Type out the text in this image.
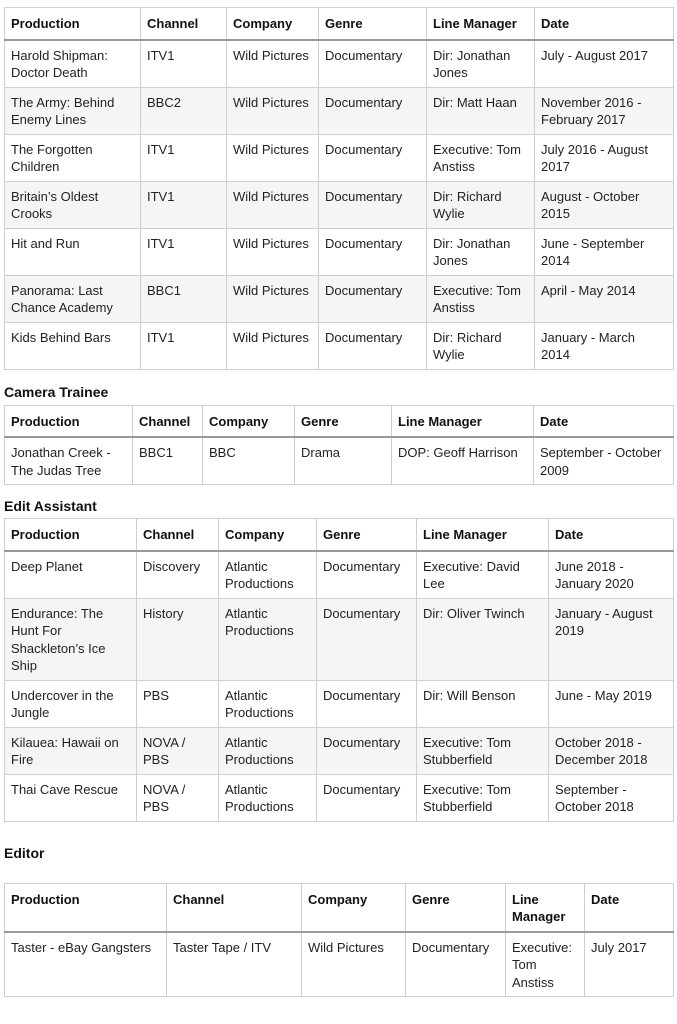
Production	Channel	Company	Genre	Line Manager	Date
Harold Shipman: Doctor Death	ITV1	Wild Pictures	Documentary	Dir: Jonathan Jones	July - August 2017
The Army: Behind Enemy Lines	BBC2	Wild Pictures	Documentary	Dir: Matt Haan	November 2016 - February 2017
The Forgotten Children	ITV1	Wild Pictures	Documentary	Executive: Tom Anstiss	July 2016 - August 2017
Britain’s Oldest Crooks	ITV1	Wild Pictures	Documentary	Dir: Richard Wylie	August - October 2015
Hit and Run	ITV1	Wild Pictures	Documentary	Dir: Jonathan Jones	June - September 2014
Panorama: Last Chance Academy	BBC1	Wild Pictures	Documentary	Executive: Tom Anstiss	April - May 2014
Kids Behind Bars	ITV1	Wild Pictures	Documentary	Dir: Richard Wylie	January - March 2014
Camera Trainee
Production	Channel	Company	Genre	Line Manager	Date
Jonathan Creek - The Judas Tree	BBC1	BBC	Drama	DOP: Geoff Harrison	September - October 2009
Edit Assistant
Production	Channel	Company	Genre	Line Manager	Date
Deep Planet	Discovery	Atlantic Productions	Documentary	Executive: David Lee	June 2018 - January 2020
Endurance: The Hunt For Shackleton’s Ice Ship	History	Atlantic Productions	Documentary	Dir: Oliver Twinch	January - August 2019
Undercover in the Jungle	PBS	Atlantic Productions	Documentary	Dir: Will Benson	June - May 2019
Kilauea: Hawaii on Fire	NOVA / PBS	Atlantic Productions	Documentary	Executive: Tom Stubberfield	October 2018 - December 2018
Thai Cave Rescue	NOVA / PBS	Atlantic Productions	Documentary	Executive: Tom Stubberfield	September - October 2018
Editor
Production	Channel	Company	Genre	Line Manager	Date
Taster - eBay Gangsters	Taster Tape / ITV	Wild Pictures	Documentary	Executive: Tom Anstiss	July 2017
